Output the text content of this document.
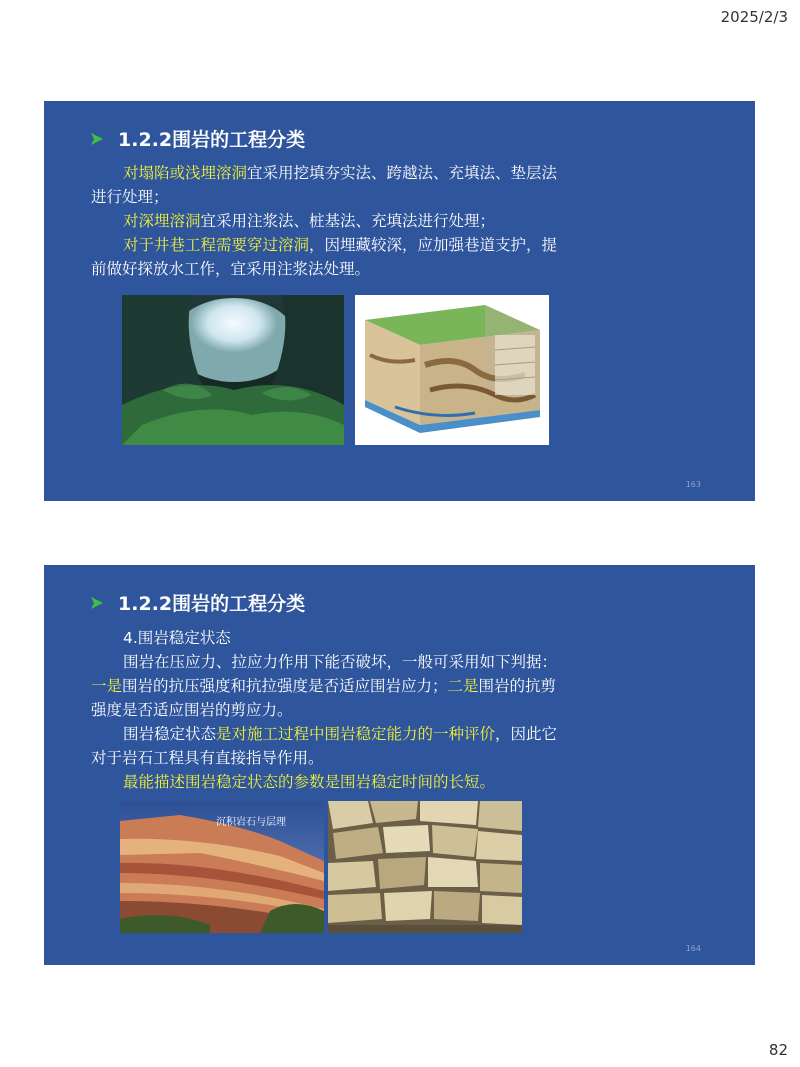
2025/2/3
1.2.2围岩的工程分类

对塌陷或浅埋溶洞宜采用挖填夯实法、跨越法、充填法、垫层法进行处理；

对深埋溶洞宜采用注浆法、桩基法、充填法进行处理；

对于井巷工程需要穿过溶洞，因埋藏较深，应加强巷道支护，提前做好探放水工作，宜采用注浆法处理。

163
1.2.2围岩的工程分类

4.围岩稳定状态

围岩在压应力、拉应力作用下能否破坏，一般可采用如下判据：一是围岩的抗压强度和抗拉强度是否适应围岩应力；二是围岩的抗剪强度是否适应围岩的剪应力。

围岩稳定状态是对施工过程中围岩稳定能力的一种评价，因此它对于岩石工程具有直接指导作用。

最能描述围岩稳定状态的参数是围岩稳定时间的长短。

沉积岩石与层理
164
82
